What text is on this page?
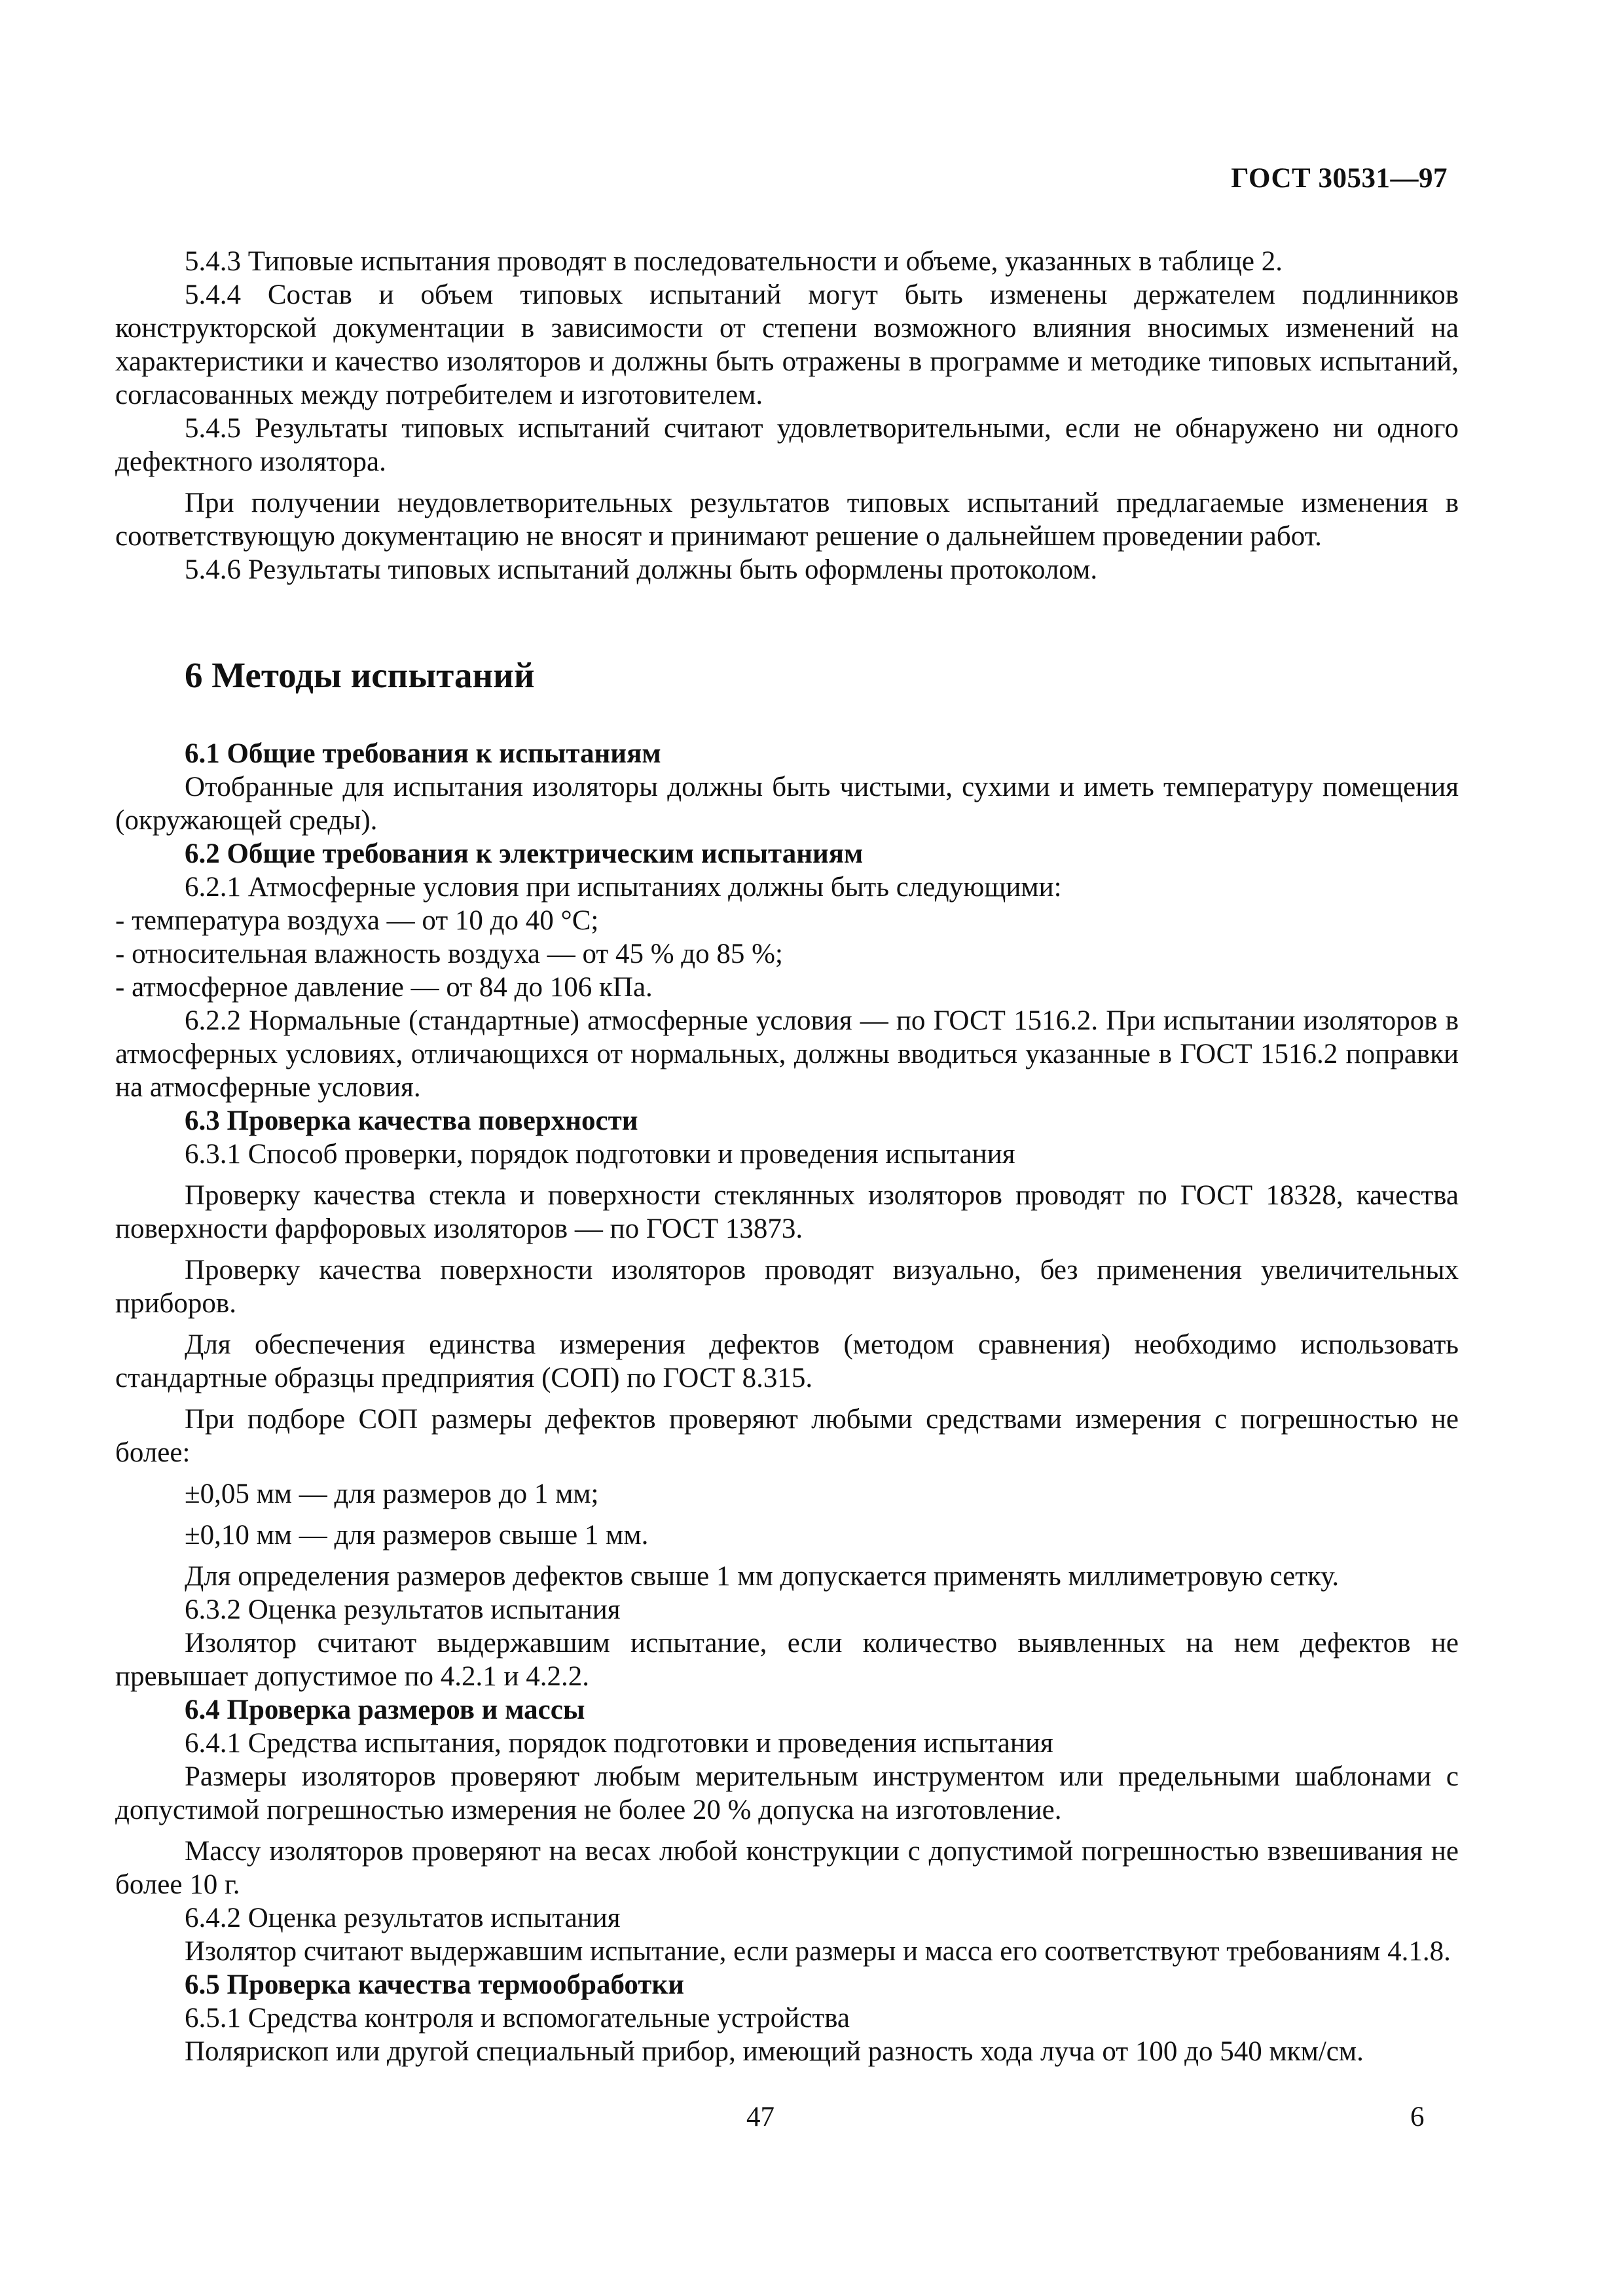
ГОСТ 30531—97

5.4.3 Типовые испытания проводят в последовательности и объеме, указанных в таблице 2.

5.4.4 Состав и объем типовых испытаний могут быть изменены держателем подлинников конструкторской документации в зависимости от степени возможного влияния вносимых изменений на характеристики и качество изоляторов и должны быть отражены в программе и методике типовых испытаний, согласованных между потребителем и изготовителем.

5.4.5 Результаты типовых испытаний считают удовлетворительными, если не обнаружено ни одного дефектного изолятора.

При получении неудовлетворительных результатов типовых испытаний предлагаемые изменения в соответствующую документацию не вносят и принимают решение о дальнейшем проведении работ.

5.4.6 Результаты типовых испытаний должны быть оформлены протоколом.

6 Методы испытаний

6.1 Общие требования к испытаниям

Отобранные для испытания изоляторы должны быть чистыми, сухими и иметь температуру помещения (окружающей среды).

6.2 Общие требования к электрическим испытаниям

6.2.1 Атмосферные условия при испытаниях должны быть следующими:

- температура воздуха — от 10 до 40 °С;

- относительная влажность воздуха — от 45 % до 85 %;

- атмосферное давление — от 84 до 106 кПа.

6.2.2 Нормальные (стандартные) атмосферные условия — по ГОСТ 1516.2. При испытании изоляторов в атмосферных условиях, отличающихся от нормальных, должны вводиться указанные в ГОСТ 1516.2 поправки на атмосферные условия.

6.3 Проверка качества поверхности

6.3.1 Способ проверки, порядок подготовки и проведения испытания

Проверку качества стекла и поверхности стеклянных изоляторов проводят по ГОСТ 18328, качества поверхности фарфоровых изоляторов — по ГОСТ 13873.

Проверку качества поверхности изоляторов проводят визуально, без применения увеличительных приборов.

Для обеспечения единства измерения дефектов (методом сравнения) необходимо использовать стандартные образцы предприятия (СОП) по ГОСТ 8.315.

При подборе СОП размеры дефектов проверяют любыми средствами измерения с погрешностью не более:

±0,05 мм — для размеров до 1 мм;

±0,10 мм — для размеров свыше 1 мм.

Для определения размеров дефектов свыше 1 мм допускается применять миллиметровую сетку.

6.3.2 Оценка результатов испытания

Изолятор считают выдержавшим испытание, если количество выявленных на нем дефектов не превышает допустимое по 4.2.1 и 4.2.2.

6.4 Проверка размеров и массы

6.4.1 Средства испытания, порядок подготовки и проведения испытания

Размеры изоляторов проверяют любым мерительным инструментом или предельными шаблонами с допустимой погрешностью измерения не более 20 % допуска на изготовление.

Массу изоляторов проверяют на весах любой конструкции с допустимой погрешностью взвешивания не более 10 г.

6.4.2 Оценка результатов испытания

Изолятор считают выдержавшим испытание, если размеры и масса его соответствуют требованиям 4.1.8.

6.5 Проверка качества термообработки

6.5.1 Средства контроля и вспомогательные устройства

Полярископ или другой специальный прибор, имеющий разность хода луча от 100 до 540 мкм/см.

47	6
